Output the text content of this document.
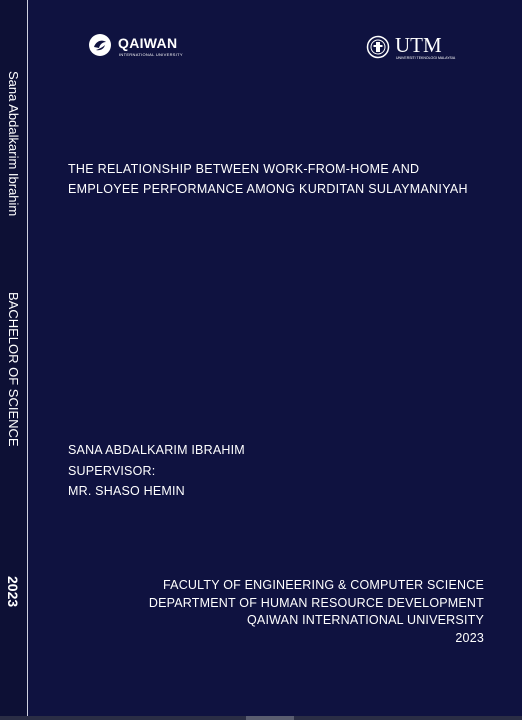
Sana Abdalkarim Ibrahim
BACHELOR OF SCIENCE
2023
QAIWAN
INTERNATIONAL UNIVERSITY	UTM
UNIVERSITI TEKNOLOGI MALAYSIA
THE RELATIONSHIP BETWEEN WORK-FROM-HOME AND
EMPLOYEE PERFORMANCE AMONG KURDITAN SULAYMANIYAH
SANA ABDALKARIM IBRAHIM
SUPERVISOR:
MR. SHASO HEMIN
FACULTY OF ENGINEERING & COMPUTER SCIENCE
DEPARTMENT OF HUMAN RESOURCE DEVELOPMENT
QAIWAN INTERNATIONAL UNIVERSITY
2023
